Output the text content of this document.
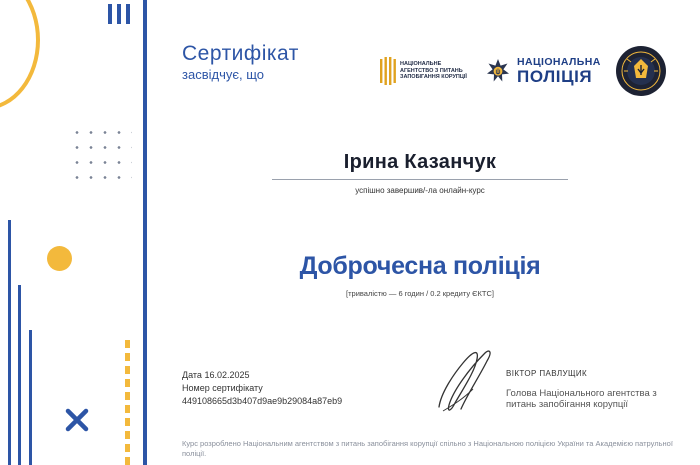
Сертифікат
засвідчує, що
НАЦІОНАЛЬНЕ АГЕНТСТВО З ПИТАНЬ ЗАПОБІГАННЯ КОРУПЦІЇ
НАЦІОНАЛЬНА
ПОЛІЦІЯ
Ірина Казанчук
успішно завершив/-ла онлайн-курс
Доброчесна поліція
[тривалістю — 6 годин / 0.2 кредиту ЄКТС]
Дата 16.02.2025
Номер сертифікату
449108665d3b407d9ae9b29084a87eb9
ВІКТОР ПАВЛУЩИК
Голова Національного агентства з питань запобігання корупції
Курс розроблено Національним агентством з питань запобігання корупції спільно з Національною поліцією України та Академією патрульної поліції.
